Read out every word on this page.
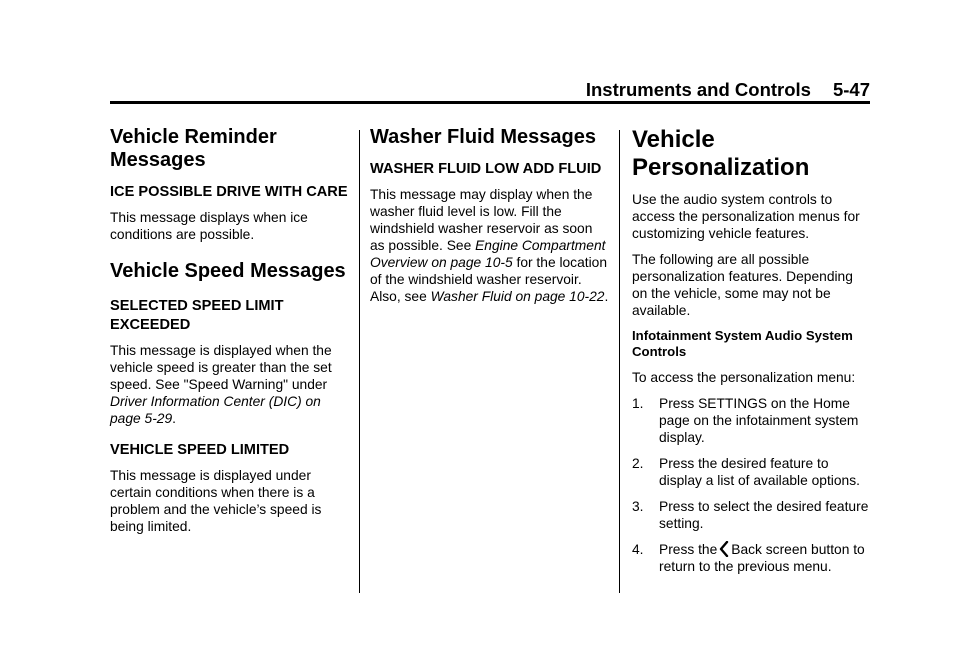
Instruments and Controls 5-47
Vehicle Reminder Messages
ICE POSSIBLE DRIVE WITH CARE

This message displays when ice conditions are possible.

Vehicle Speed Messages
SELECTED SPEED LIMIT EXCEEDED

This message is displayed when the vehicle speed is greater than the set speed. See "Speed Warning" under Driver Information Center (DIC) on page 5-29.

VEHICLE SPEED LIMITED

This message is displayed under certain conditions when there is a problem and the vehicle’s speed is being limited.

Washer Fluid Messages
WASHER FLUID LOW ADD FLUID

This message may display when the washer fluid level is low. Fill the windshield washer reservoir as soon as possible. See Engine Compartment Overview on page 10-5 for the location of the windshield washer reservoir. Also, see Washer Fluid on page 10-22.

Vehicle Personalization

Use the audio system controls to access the personalization menus for customizing vehicle features.

The following are all possible personalization features. Depending on the vehicle, some may not be available.

Infotainment System Audio System Controls

To access the personalization menu:

1. Press SETTINGS on the Home page on the infotainment system display.
2. Press the desired feature to display a list of available options.
3. Press to select the desired feature setting.
4. Press the Back screen button to return to the previous menu.
